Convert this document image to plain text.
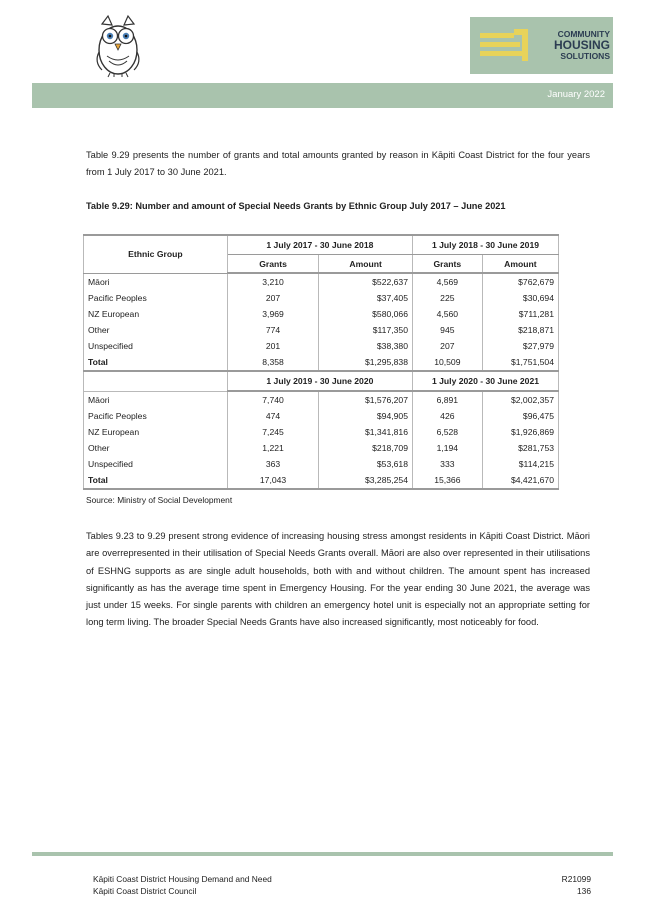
COMMUNITY
HOUSING
SOLUTIONS
January 2022
Table 9.29 presents the number of grants and total amounts granted by reason in Kāpiti Coast District for the four years from 1 July 2017 to 30 June 2021.
Table 9.29: Number and amount of Special Needs Grants by Ethnic Group July 2017 – June 2021
Ethnic Group	1 July 2017 - 30 June 2018		1 July 2018 - 30 June 2019	
	Grants	Amount	Grants	Amount
Māori	3,210	$522,637	4,569	$762,679
Pacific Peoples	207	$37,405	225	$30,694
NZ European	3,969	$580,066	4,560	$711,281
Other	774	$117,350	945	$218,871
Unspecified	201	$38,380	207	$27,979
Total	8,358	$1,295,838	10,509	$1,751,504
	1 July 2019 - 30 June 2020		1 July 2020 - 30 June 2021	
Māori	7,740	$1,576,207	6,891	$2,002,357
Pacific Peoples	474	$94,905	426	$96,475
NZ European	7,245	$1,341,816	6,528	$1,926,869
Other	1,221	$218,709	1,194	$281,753
Unspecified	363	$53,618	333	$114,215
Total	17,043	$3,285,254	15,366	$4,421,670
Source: Ministry of Social Development
Tables 9.23 to 9.29 present strong evidence of increasing housing stress amongst residents in Kāpiti Coast District. Māori are overrepresented in their utilisation of Special Needs Grants overall. Māori are also over represented in their utilisations of ESHNG supports as are single adult households, both with and without children. The amount spent has increased significantly as has the average time spent in Emergency Housing. For the year ending 30 June 2021, the average was just under 15 weeks. For single parents with children an emergency hotel unit is especially not an appropriate setting for long term living. The broader Special Needs Grants have also increased significantly, most noticeably for food.
Kāpiti Coast District Housing Demand and Need
Kāpiti Coast District Council
R21099
136
